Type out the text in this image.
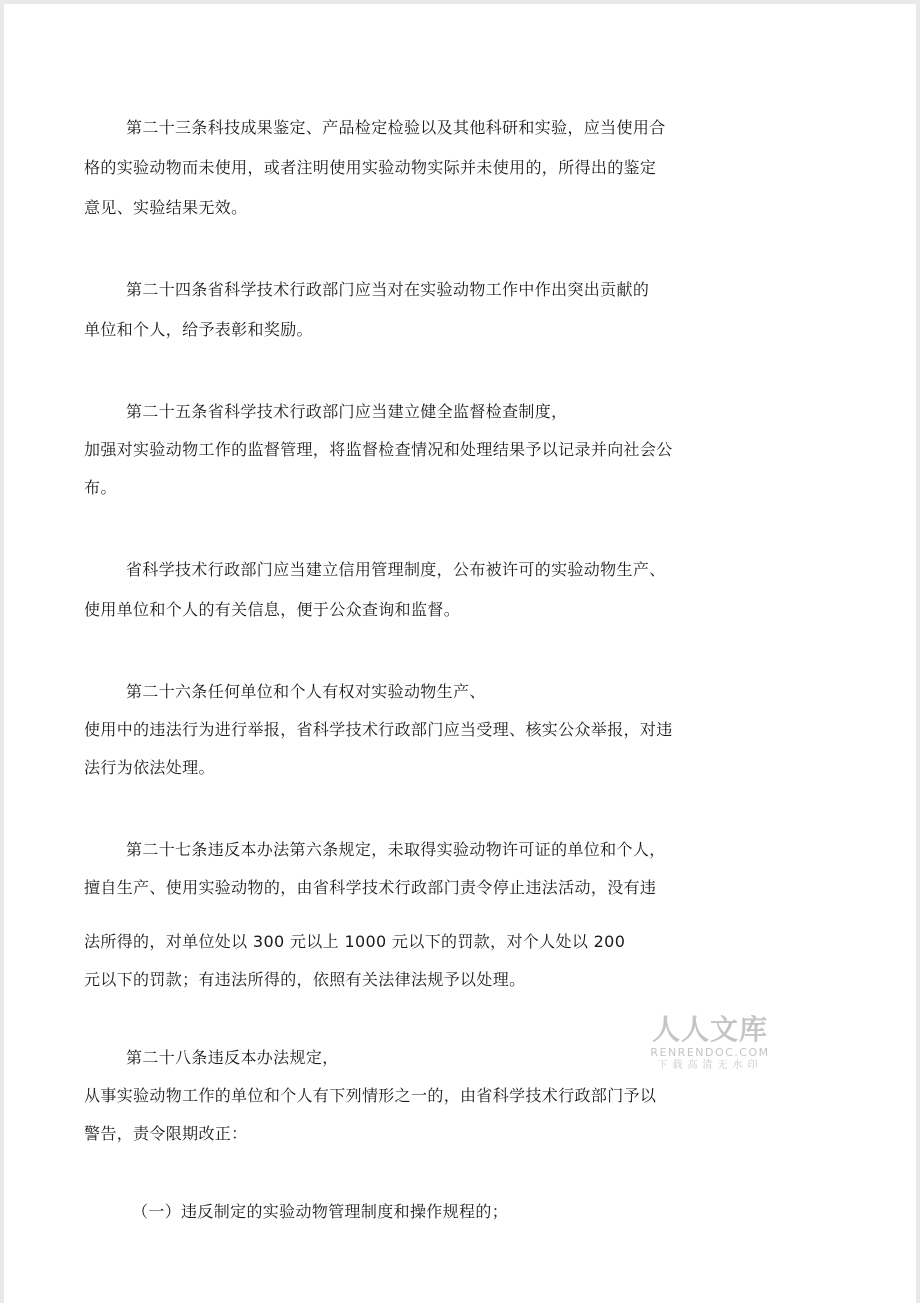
第二十三条科技成果鉴定、产品检定检验以及其他科研和实验，应当使用合
格的实验动物而未使用，或者注明使用实验动物实际并未使用的，所得出的鉴定
意见、实验结果无效。
第二十四条省科学技术行政部门应当对在实验动物工作中作出突出贡献的
单位和个人，给予表彰和奖励。
第二十五条省科学技术行政部门应当建立健全监督检查制度，
加强对实验动物工作的监督管理，将监督检查情况和处理结果予以记录并向社会公
布。
省科学技术行政部门应当建立信用管理制度，公布被许可的实验动物生产、
使用单位和个人的有关信息，便于公众查询和监督。
第二十六条任何单位和个人有权对实验动物生产、
使用中的违法行为进行举报，省科学技术行政部门应当受理、核实公众举报，对违
法行为依法处理。
第二十七条违反本办法第六条规定，未取得实验动物许可证的单位和个人，
擅自生产、使用实验动物的，由省科学技术行政部门责令停止违法活动，没有违
法所得的，对单位处以 300 元以上 1000 元以下的罚款，对个人处以 200
元以下的罚款；有违法所得的，依照有关法律法规予以处理。
第二十八条违反本办法规定，
从事实验动物工作的单位和个人有下列情形之一的，由省科学技术行政部门予以
警告，责令限期改正：
（一）违反制定的实验动物管理制度和操作规程的；
人人文库
RENRENDOC.COM
下载高清无水印
